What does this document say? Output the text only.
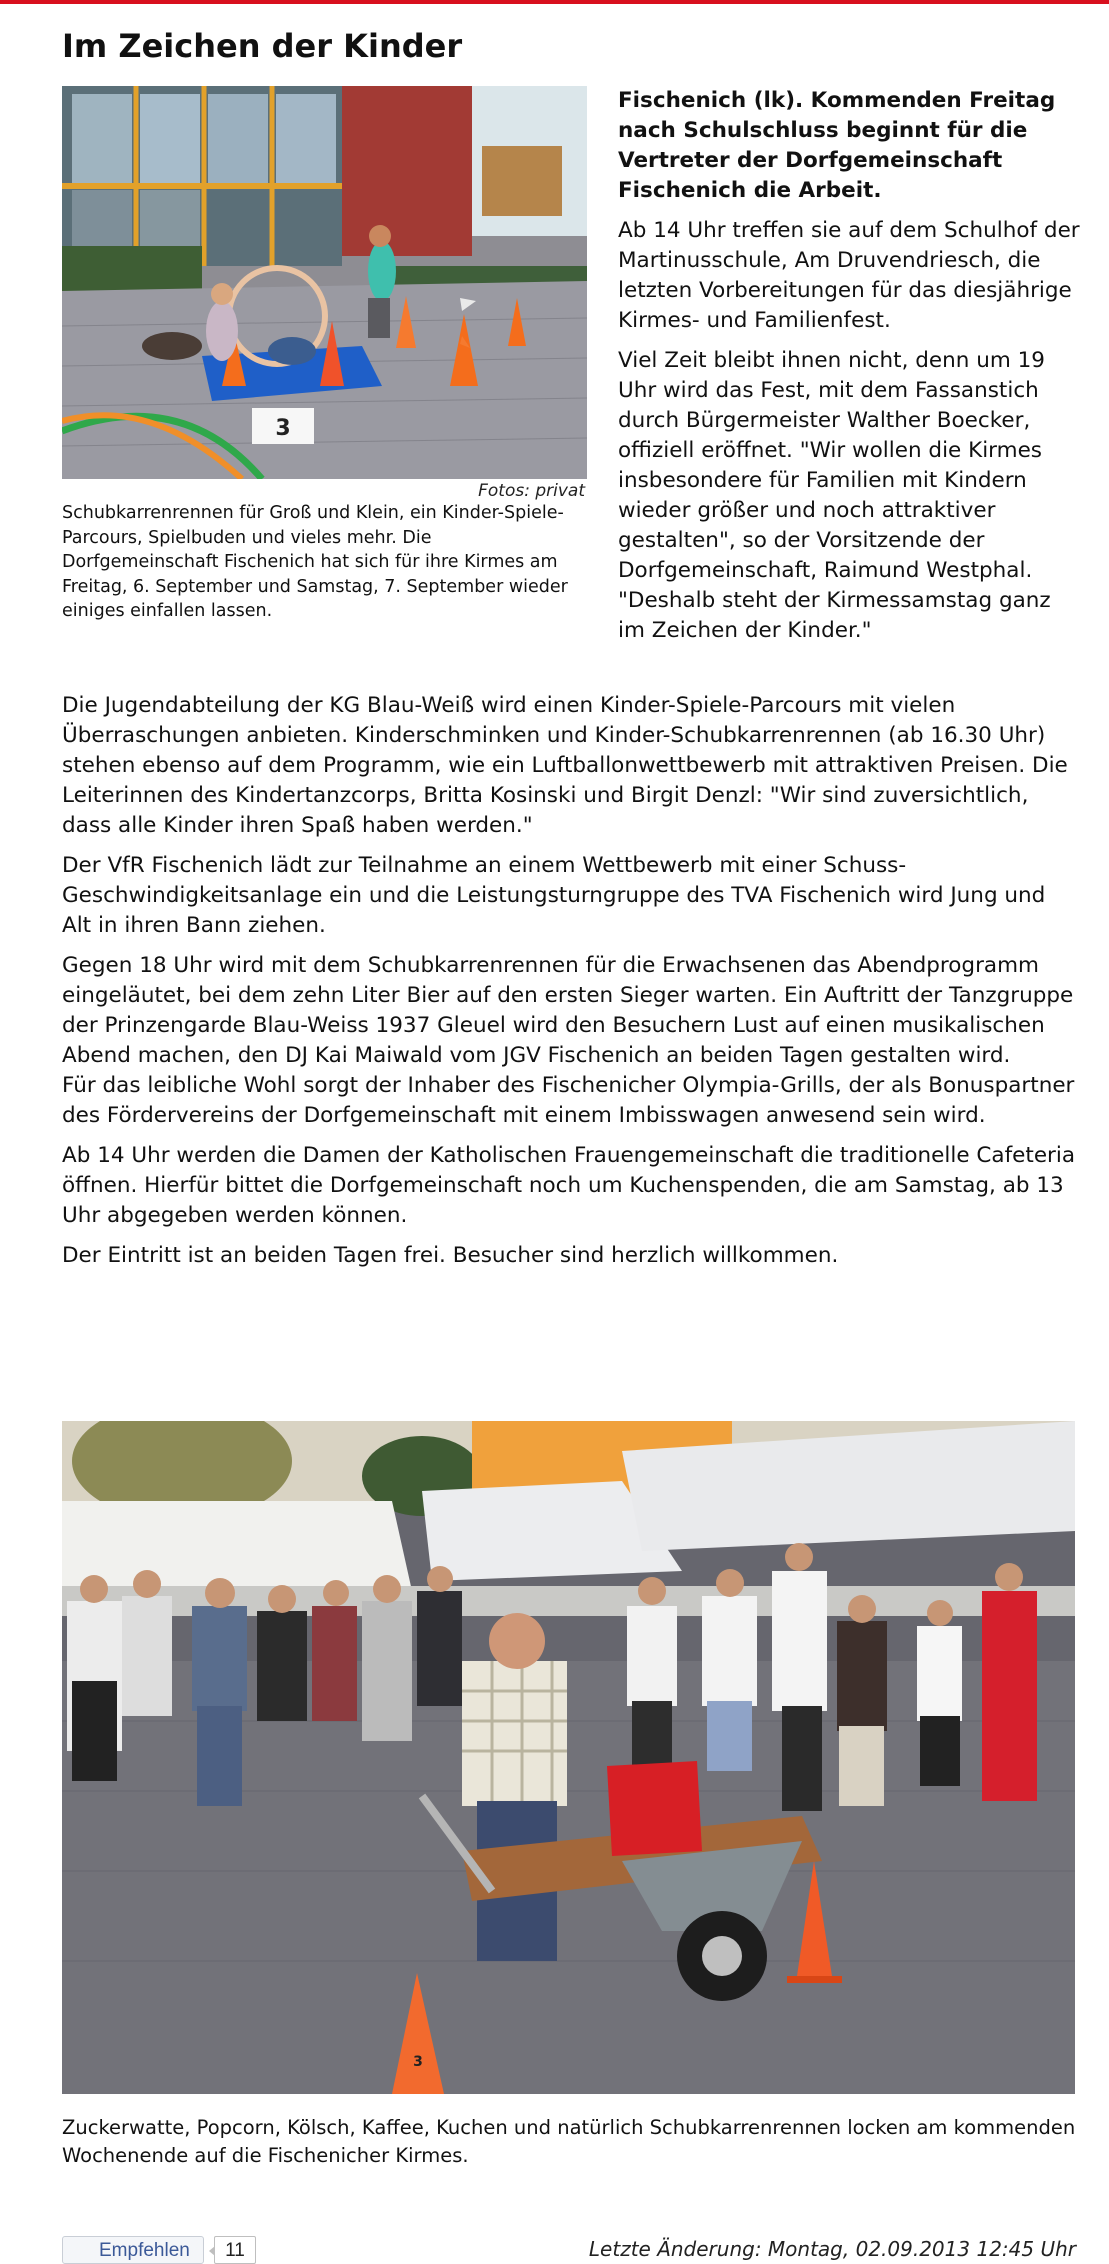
Im Zeichen der Kinder
3
Fotos: privat

Schubkarrenrennen für Groß und Klein, ein Kinder-Spiele-Parcours, Spielbuden und vieles mehr. Die Dorfgemeinschaft Fischenich hat sich für ihre Kirmes am Freitag, 6. September und Samstag, 7. September wieder einiges einfallen lassen.

Fischenich (lk). Kommenden Freitag nach Schulschluss beginnt für die Vertreter der Dorfgemeinschaft Fischenich die Arbeit.

Ab 14 Uhr treffen sie auf dem Schulhof der Martinusschule, Am Druvendriesch, die letzten Vorbereitungen für das diesjährige Kirmes- und Familienfest.

Viel Zeit bleibt ihnen nicht, denn um 19 Uhr wird das Fest, mit dem Fassanstich durch Bürgermeister Walther Boecker, offiziell eröffnet. "Wir wollen die Kirmes insbesondere für Familien mit Kindern wieder größer und noch attraktiver gestalten", so der Vorsitzende der Dorfgemeinschaft, Raimund Westphal. "Deshalb steht der Kirmessamstag ganz im Zeichen der Kinder."

Die Jugendabteilung der KG Blau-Weiß wird einen Kinder-Spiele-Parcours mit vielen Überraschungen anbieten. Kinderschminken und Kinder-Schubkarrenrennen (ab 16.30 Uhr) stehen ebenso auf dem Programm, wie ein Luftballonwettbewerb mit attraktiven Preisen. Die Leiterinnen des Kindertanzcorps, Britta Kosinski und Birgit Denzl: "Wir sind zuversichtlich, dass alle Kinder ihren Spaß haben werden."

Der VfR Fischenich lädt zur Teilnahme an einem Wettbewerb mit einer Schuss-Geschwindigkeitsanlage ein und die Leistungsturngruppe des TVA Fischenich wird Jung und Alt in ihren Bann ziehen.

Gegen 18 Uhr wird mit dem Schubkarrenrennen für die Erwachsenen das Abendprogramm eingeläutet, bei dem zehn Liter Bier auf den ersten Sieger warten. Ein Auftritt der Tanzgruppe der Prinzengarde Blau-Weiss 1937 Gleuel wird den Besuchern Lust auf einen musikalischen Abend machen, den DJ Kai Maiwald vom JGV Fischenich an beiden Tagen gestalten wird.

Für das leibliche Wohl sorgt der Inhaber des Fischenicher Olympia-Grills, der als Bonuspartner des Fördervereins der Dorfgemeinschaft mit einem Imbisswagen anwesend sein wird.

Ab 14 Uhr werden die Damen der Katholischen Frauengemeinschaft die traditionelle Cafeteria öffnen. Hierfür bittet die Dorfgemeinschaft noch um Kuchenspenden, die am Samstag, ab 13 Uhr abgegeben werden können.

Der Eintritt ist an beiden Tagen frei. Besucher sind herzlich willkommen.

3

Zuckerwatte, Popcorn, Kölsch, Kaffee, Kuchen und natürlich Schubkarrenrennen locken am kommenden Wochenende auf die Fischenicher Kirmes.

Empfehlen	11	Letzte Änderung: Montag, 02.09.2013 12:45 Uhr
